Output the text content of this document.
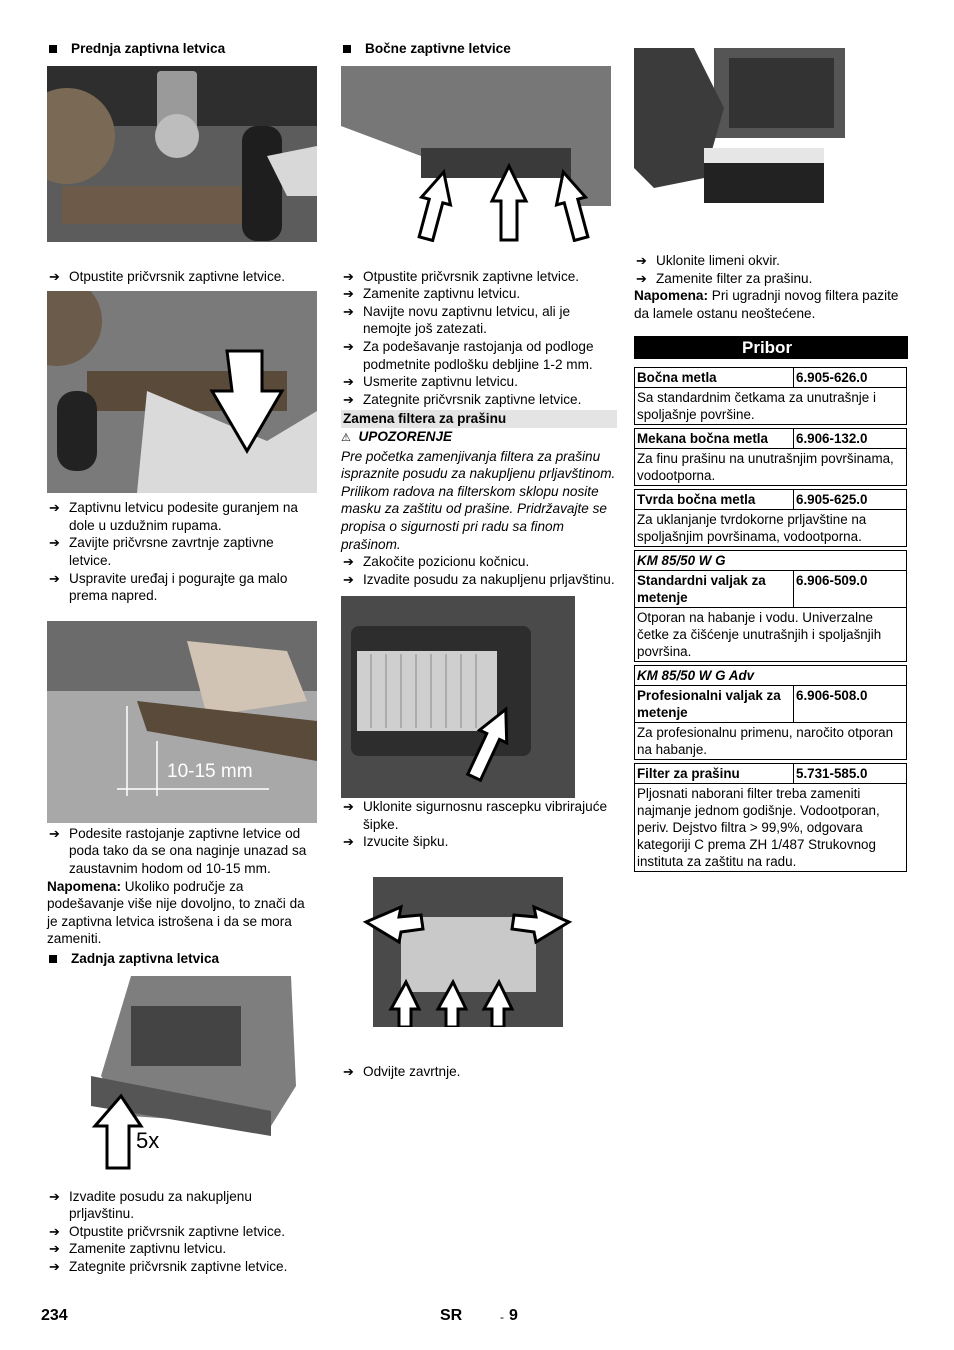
Prednja zaptivna letvica
➔ Otpustite pričvrsnik zaptivne letvice.
➔ Zaptivnu letvicu podesite guranjem na dole u uzdužnim rupama.
➔ Zavijte pričvrsne zavrtnje zaptivne letvice.
➔ Uspravite uređaj i pogurajte ga malo prema napred.
10-15 mm
➔ Podesite rastojanje zaptivne letvice od poda tako da se ona naginje unazad sa zaustavnim hodom od 10-15 mm.

Napomena: Ukoliko područje za podešavanje više nije dovoljno, to znači da je zaptivna letvica istrošena i da se mora zameniti.

Zadnja zaptivna letvica
5x
➔ Izvadite posudu za nakupljenu prljavštinu.
➔ Otpustite pričvrsnik zaptivne letvice.
➔ Zamenite zaptivnu letvicu.
➔ Zategnite pričvrsnik zaptivne letvice.
Bočne zaptivne letvice
➔ Otpustite pričvrsnik zaptivne letvice.
➔ Zamenite zaptivnu letvicu.
➔ Navijte novu zaptivnu letvicu, ali je nemojte još zatezati.
➔ Za podešavanje rastojanja od podloge podmetnite podlošku debljine 1-2 mm.
➔ Usmerite zaptivnu letvicu.
➔ Zategnite pričvrsnik zaptivne letvice.
Zamena filtera za prašinu

⚠ UPOZORENJE

Pre početka zamenjivanja filtera za prašinu ispraznite posudu za nakupljenu prljavštinom. Prilikom radova na filterskom sklopu nosite masku za zaštitu od prašine. Pridržavajte se propisa o sigurnosti pri radu sa finom prašinom.

➔ Zakočite pozicionu kočnicu.
➔ Izvadite posudu za nakupljenu prljavštinu.
➔ Uklonite sigurnosnu rascepku vibrirajuće šipke.
➔ Izvucite šipku.
➔ Odvijte zavrtnje.
➔ Uklonite limeni okvir.
➔ Zamenite filter za prašinu.

Napomena: Pri ugradnji novog filtera pazite da lamele ostanu neoštećene.

Pribor
Bočna metla	6.905-626.0
Sa standardnim četkama za unutrašnje i spoljašnje površine.	

Mekana bočna metla	6.906-132.0
Za finu prašinu na unutrašnjim površinama, vodootporna.	

Tvrda bočna metla	6.905-625.0
Za uklanjanje tvrdokorne prljavštine na spoljašnjim površinama, vodootporna.	

KM 85/50 W G	
Standardni valjak za metenje	6.906-509.0
Otporan na habanje i vodu. Univerzalne četke za čišćenje unutrašnjih i spoljašnjih površina.	

KM 85/50 W G Adv	
Profesionalni valjak za metenje	6.906-508.0
Za profesionalnu primenu, naročito otporan na habanje.	

Filter za prašinu	5.731-585.0
Pljosnati naborani filter treba zameniti najmanje jednom godišnje. Vodootporan, periv. Dejstvo filtra > 99,9%, odgovara kategoriji C prema ZH 1/487 Strukovnog instituta za zaštitu na radu.	
234	SR	- 9
